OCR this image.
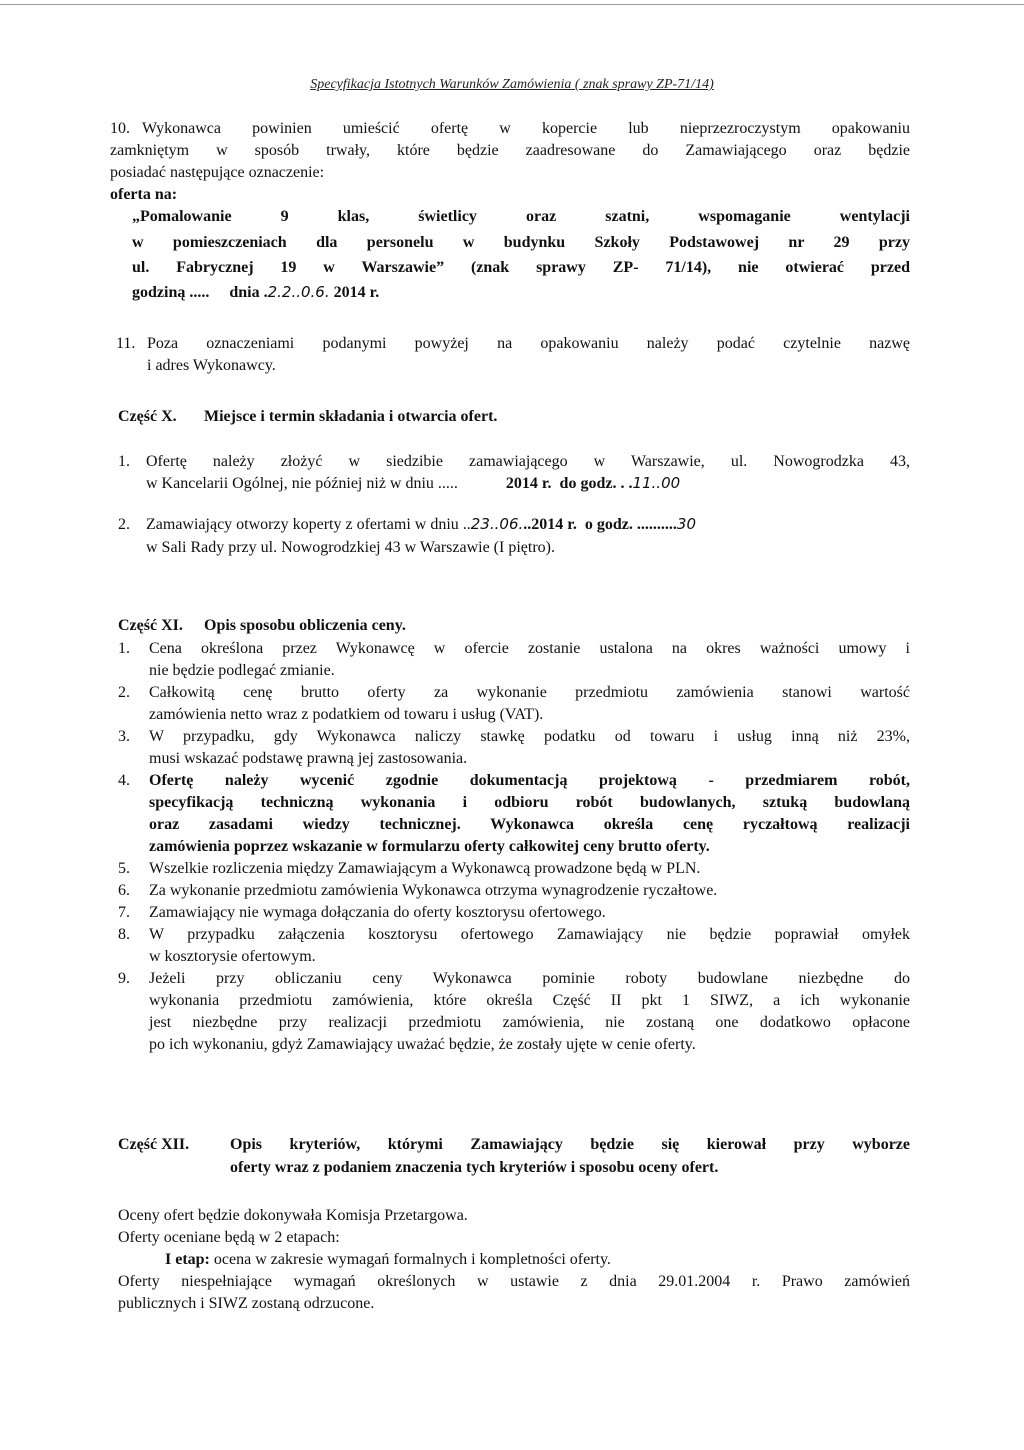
Specyfikacja Istotnych Warunków Zamówienia ( znak sprawy ZP-71/14)
10. Wykonawca powinien umieścić ofertę w kopercie lub nieprzezroczystym opakowaniu

zamkniętym w sposób trwały, które będzie zaadresowane do Zamawiającego oraz będzie

posiadać następujące oznaczenie:

oferta na:

„Pomalowanie 9 klas, świetlicy oraz szatni, wspomaganie wentylacji

w pomieszczeniach dla personelu w budynku Szkoły Podstawowej nr 29 przy

ul. Fabrycznej 19 w Warszawie” (znak sprawy ZP- 71/14), nie otwierać przed

godziną .....     dnia .2.2..0.6. 2014 r.

11. Poza oznaczeniami podanymi powyżej na opakowaniu należy podać czytelnie nazwę

i adres Wykonawcy.

Część X. Miejsce i termin składania i otwarcia ofert.
1.	Ofertę należy złożyć w siedzibie zamawiającego w Warszawie, ul. Nowogrodzka 43,

w Kancelarii Ogólnej, nie później niż w dniu .....	2014 r.  do godz. . .11..00

2.	Zamawiający otworzy koperty z ofertami w dniu ..23..06...2014 r.  o godz. ..........30

w Sali Rady przy ul. Nowogrodzkiej 43 w Warszawie (I piętro).

Część XI. Opis sposobu obliczenia ceny.
1.	Cena określona przez Wykonawcę w ofercie zostanie ustalona na okres ważności umowy i

nie będzie podlegać zmianie.

2.	Całkowitą cenę brutto oferty za wykonanie przedmiotu zamówienia stanowi wartość

zamówienia netto wraz z podatkiem od towaru i usług (VAT).

3.	W przypadku, gdy Wykonawca naliczy stawkę podatku od towaru i usług inną niż 23%,

musi wskazać podstawę prawną jej zastosowania.

4.	Ofertę należy wycenić zgodnie dokumentacją projektową - przedmiarem robót,

specyfikacją techniczną wykonania i odbioru robót budowlanych, sztuką budowlaną

oraz zasadami wiedzy technicznej. Wykonawca określa cenę ryczałtową realizacji

zamówienia poprzez wskazanie w formularzu oferty całkowitej ceny brutto oferty.

5.	Wszelkie rozliczenia między Zamawiającym a Wykonawcą prowadzone będą w PLN.

6.	Za wykonanie przedmiotu zamówienia Wykonawca otrzyma wynagrodzenie ryczałtowe.

7.	Zamawiający nie wymaga dołączania do oferty kosztorysu ofertowego.

8.	W przypadku załączenia kosztorysu ofertowego Zamawiający nie będzie poprawiał omyłek

w kosztorysie ofertowym.

9.	Jeżeli przy obliczaniu ceny Wykonawca pominie roboty budowlane niezbędne do

wykonania przedmiotu zamówienia, które określa Część II pkt 1 SIWZ, a ich wykonanie

jest niezbędne przy realizacji przedmiotu zamówienia, nie zostaną one dodatkowo opłacone

po ich wykonaniu, gdyż Zamawiający uważać będzie, że zostały ujęte w cenie oferty.

Część XII.	Opis kryteriów, którymi Zamawiający będzie się kierował przy wyborze

oferty wraz z podaniem znaczenia tych kryteriów i sposobu oceny ofert.

Oceny ofert będzie dokonywała Komisja Przetargowa.

Oferty oceniane będą w 2 etapach:

I etap: ocena w zakresie wymagań formalnych i kompletności oferty.

Oferty niespełniające wymagań określonych w ustawie z dnia 29.01.2004 r. Prawo zamówień

publicznych i SIWZ zostaną odrzucone.
